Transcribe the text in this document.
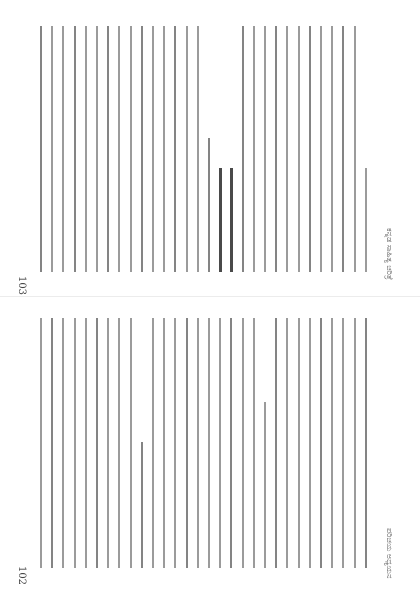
ಕನ್ನಡ ಸಾಹಿತ್ಯ ಚರಿತ್ರೆ
103
ಪರಿಚಯ ಅಧ್ಯಯನ
102
